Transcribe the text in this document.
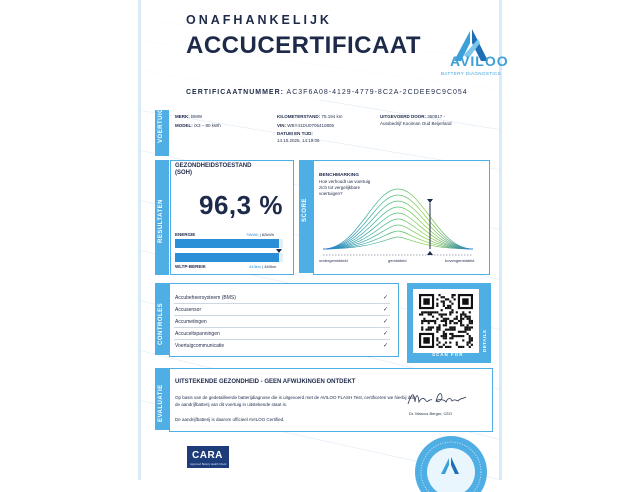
ONAFHANKELIJK
ACCUCERTIFICAAT
AVILOO
BATTERY DIAGNOSTICS
CERTIFICAATNUMMER: AC3F6A08-4129-4779-8C2A-2CDEE9C9C054
VOERTUIG MERK: BMW
MODEL: iX3 – 80 kWh
KILOMETERSTAND: 75.194 km
VIN: WBY41DU0705410805
DATUM EN TIJD:
14.10.2025, 14:19:06
UITGEVOERD DOOR: 350817 -
Autobedrijf Kooiman Oud Beijerland
RESULTATEN
GEZONDHEIDSTOESTAND
(SOH)
96,3 %
ENERGIE	79kWh | 82kWh
WLTP-BEREIK	443km | 460km
SCORE
BENCHMARKING
Hoe verhoudt uw voertuig zich tot vergelijkbare voertuigen?
ondergemiddeld	gemiddeld	bovengemiddeld
CONTROLES
Accubeheersysteem (BMS)	✓
Accusensor	✓
Accumetingen	✓
Accuceltspanningen	✓
Voertuigcommunicatie	✓
SCAN FOR
DETAILS
EVALUATIE
UITSTEKENDE GEZONDHEID - GEEN AFWIJKINGEN ONTDEKT
Op basis van de gedetailleerde batterijdiagnose die is uitgevoerd met de AVILOO FLASH Test, certificeren we hierbij dat de aandrijfbatterij van dit voertuig in uitstekende staat is.
De aandrijfbatterij is daarom officieel AVILOO Certified.
Dr. Marcus Berger, CEO
CARA
Approved Battery Health Check
